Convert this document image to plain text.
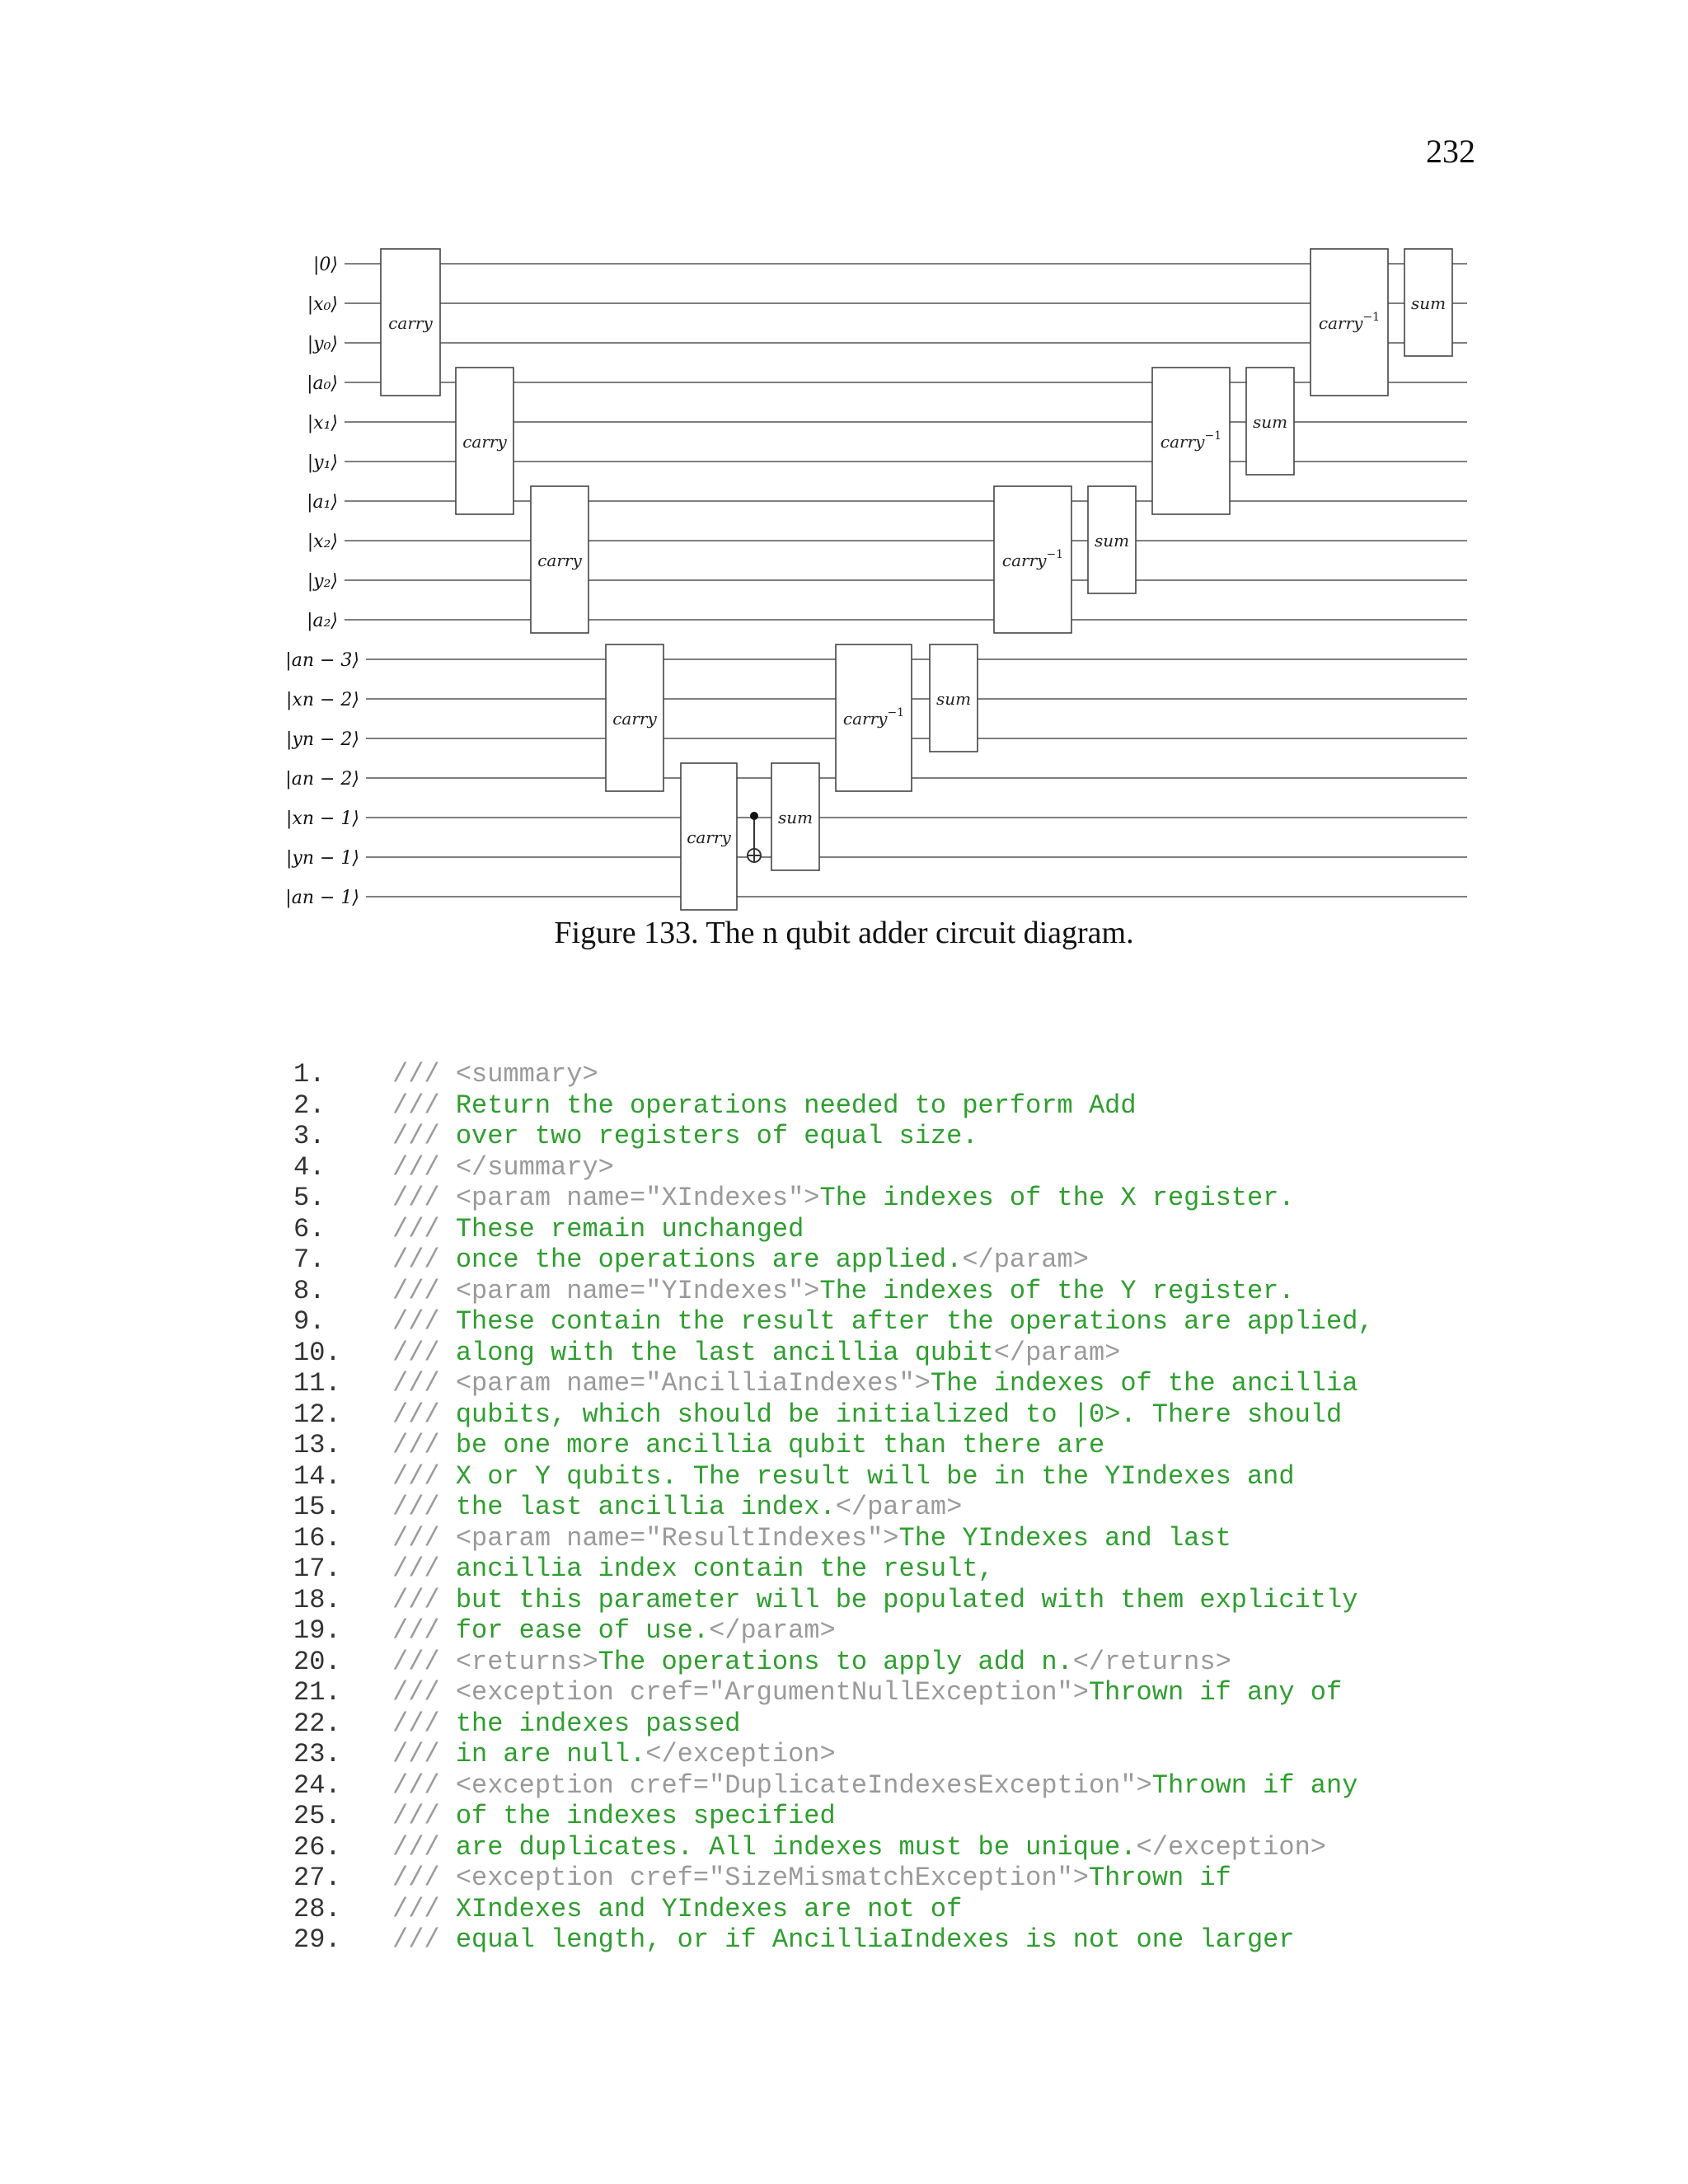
232
|0⟩
|x₀⟩
|y₀⟩
|a₀⟩
|x₁⟩
|y₁⟩
|a₁⟩
|x₂⟩
|y₂⟩
|a₂⟩
|an − 3⟩
|xn − 2⟩
|yn − 2⟩
|an − 2⟩
|xn − 1⟩
|yn − 1⟩
|an − 1⟩
carry
carry
carry
carry
carry
sum
carry$^{-1}$
sum
carry$^{-1}$
sum
carry$^{-1}$
sum
carry$^{-1}$
sum
Figure 133. The n qubit adder circuit diagram.
1.	/// <summary>
2.	/// Return the operations needed to perform Add
3.	/// over two registers of equal size.
4.	/// </summary>
5.	/// <param name="XIndexes">The indexes of the X register.
6.	/// These remain unchanged
7.	/// once the operations are applied.</param>
8.	/// <param name="YIndexes">The indexes of the Y register.
9.	/// These contain the result after the operations are applied,
10. /// along with the last ancillia qubit</param>
11. /// <param name="AncilliaIndexes">The indexes of the ancillia
12. /// qubits, which should be initialized to |0>. There should
13. /// be one more ancillia qubit than there are
14. /// X or Y qubits. The result will be in the YIndexes and
15. /// the last ancillia index.</param>
16. /// <param name="ResultIndexes">The YIndexes and last
17. /// ancillia index contain the result,
18. /// but this parameter will be populated with them explicitly
19. /// for ease of use.</param>
20. /// <returns>The operations to apply add n.</returns>
21. /// <exception cref="ArgumentNullException">Thrown if any of
22. /// the indexes passed
23. /// in are null.</exception>
24. /// <exception cref="DuplicateIndexesException">Thrown if any
25. /// of the indexes specified
26. /// are duplicates. All indexes must be unique.</exception>
27. /// <exception cref="SizeMismatchException">Thrown if
28. /// XIndexes and YIndexes are not of
29. /// equal length, or if AncilliaIndexes is not one larger
